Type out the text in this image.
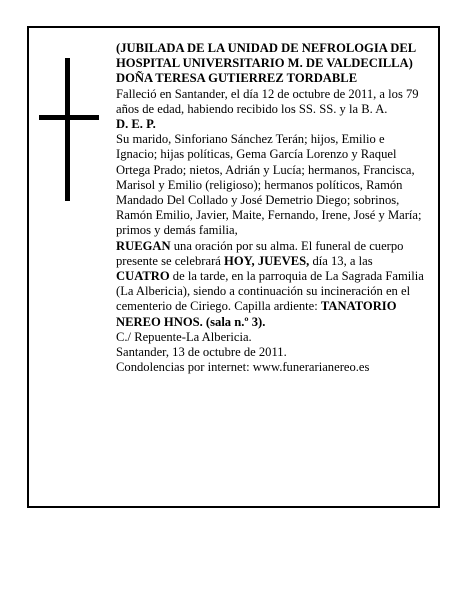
(JUBILADA DE LA UNIDAD DE NEFROLOGIA DEL HOSPITAL UNIVERSITARIO M. DE VALDECILLA)

DOÑA TERESA GUTIERREZ TORDABLE

Falleció en Santander, el día 12 de octubre de 2011, a los 79 años de edad, habiendo recibido los SS. SS. y la B. A.

D. E. P.

Su marido, Sinforiano Sánchez Terán; hijos, Emilio e Ignacio; hijas políticas, Gema García Lorenzo y Raquel Ortega Prado; nietos, Adrián y Lucía; hermanos, Francisca, Marisol y Emilio (religioso); hermanos políticos, Ramón Mandado Del Collado y José Demetrio Diego; sobrinos, Ramón Emilio, Javier, Maite, Fernando, Irene, José y María; primos y demás familia,

RUEGAN una oración por su alma. El funeral de cuerpo presente se celebrará HOY, JUEVES, día 13, a las CUATRO de la tarde, en la parroquia de La Sagrada Familia (La Albericia), siendo a continuación su incineración en el cementerio de Ciriego. Capilla ardiente: TANATORIO NEREO HNOS. (sala n.º 3).

C./ Repuente-La Albericia.

Santander, 13 de octubre de 2011.

Condolencias por internet: www.funerarianereo.es
